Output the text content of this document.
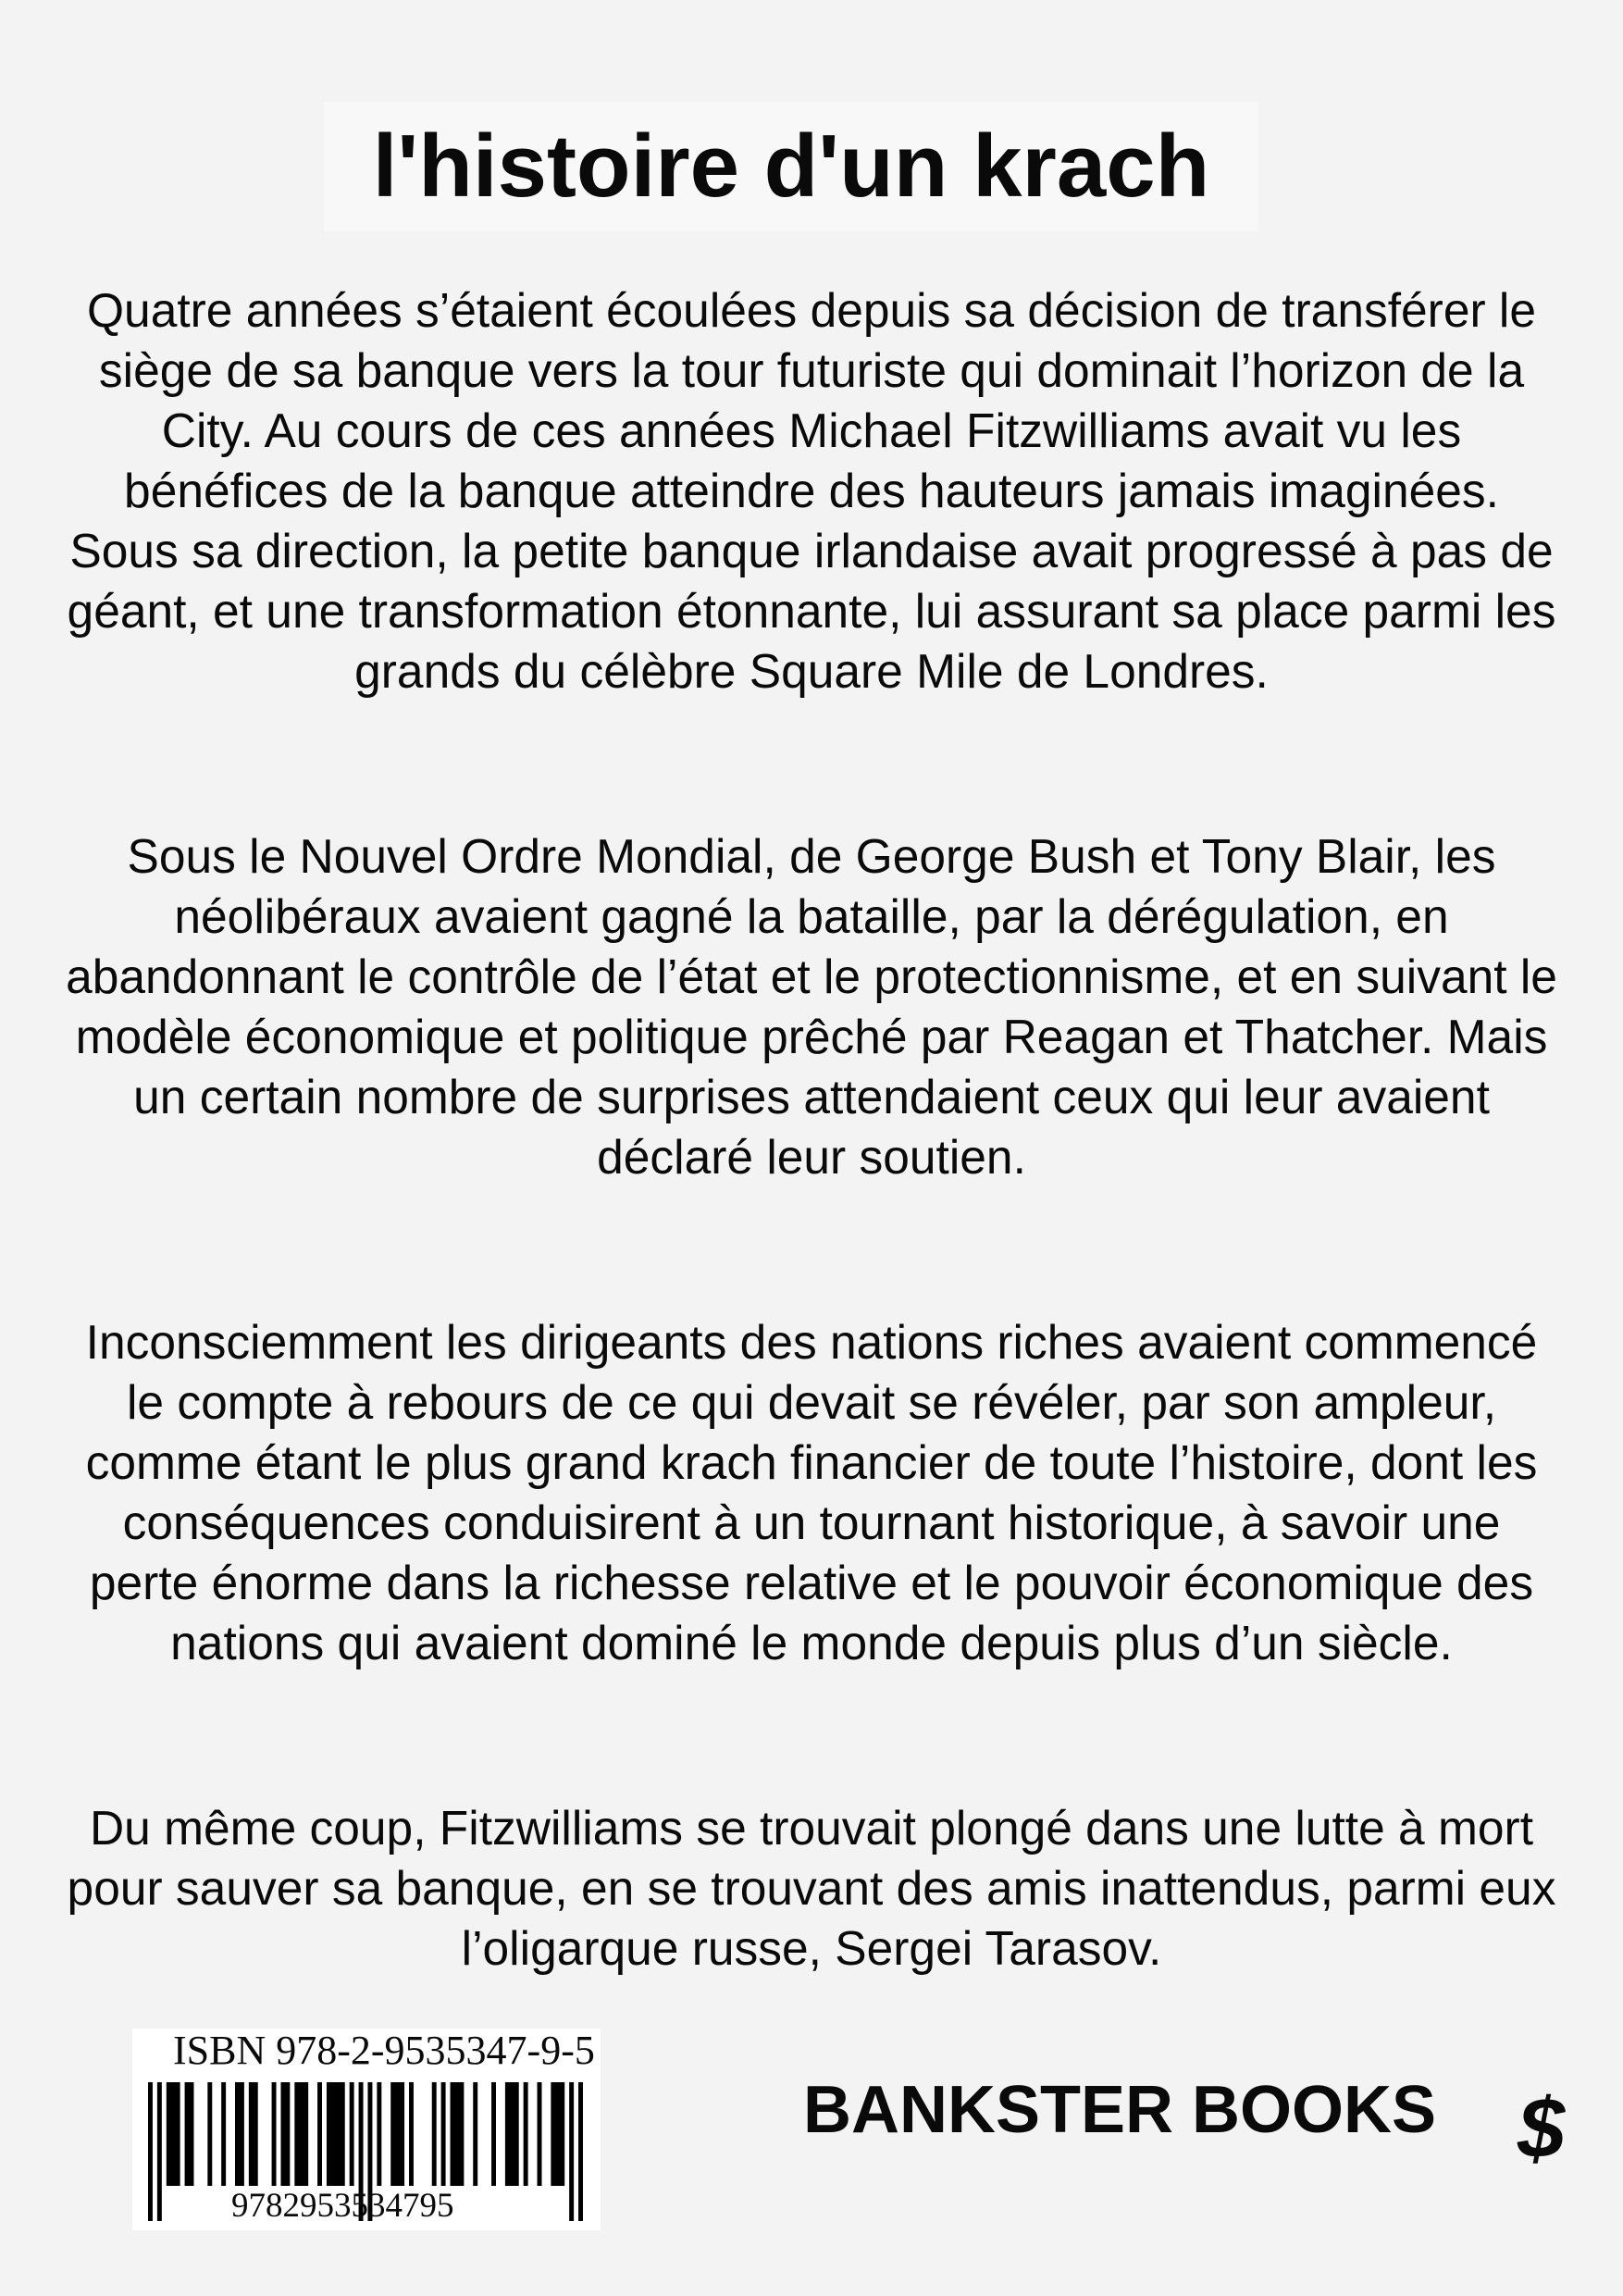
l'histoire d'un krach

Quatre années s’étaient écoulées depuis sa décision de transférer le siège de sa banque vers la tour futuriste qui dominait l’horizon de la City. Au cours de ces années Michael Fitzwilliams avait vu les bénéfices de la banque atteindre des hauteurs jamais imaginées. Sous sa direction, la petite banque irlandaise avait progressé à pas de géant, et une transformation étonnante, lui assurant sa place parmi les grands du célèbre Square Mile de Londres.

Sous le Nouvel Ordre Mondial, de George Bush et Tony Blair, les néolibéraux avaient gagné la bataille, par la dérégulation, en abandonnant le contrôle de l’état et le protectionnisme, et en suivant le modèle économique et politique prêché par Reagan et Thatcher. Mais un certain nombre de surprises attendaient ceux qui leur avaient déclaré leur soutien.

Inconsciemment les dirigeants des nations riches avaient commencé le compte à rebours de ce qui devait se révéler, par son ampleur, comme étant le plus grand krach financier de toute l’histoire, dont les conséquences conduisirent à un tournant historique, à savoir une perte énorme dans la richesse relative et le pouvoir économique des nations qui avaient dominé le monde depuis plus d’un siècle.

Du même coup, Fitzwilliams se trouvait plongé dans une lutte à mort pour sauver sa banque, en se trouvant des amis inattendus, parmi eux l’oligarque russe, Sergei Tarasov.

ISBN 978-2-9535347-9-5

9782953534795

BANKSTER BOOKS $
